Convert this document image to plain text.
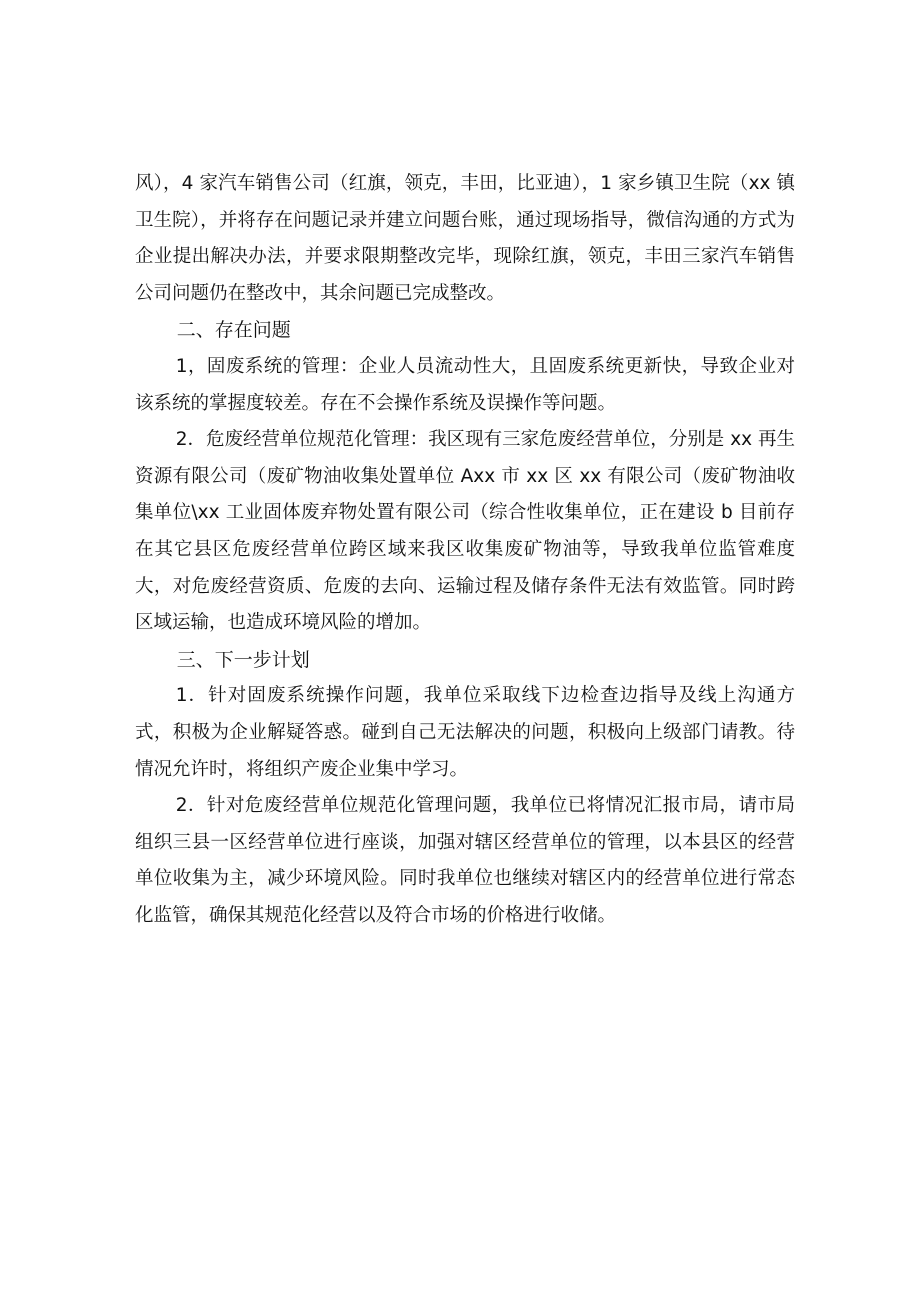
风），4 家汽车销售公司（红旗，领克，丰田，比亚迪），1 家乡镇卫生院（xx 镇卫生院），并将存在问题记录并建立问题台账，通过现场指导，微信沟通的方式为企业提出解决办法，并要求限期整改完毕，现除红旗，领克，丰田三家汽车销售公司问题仍在整改中，其余问题已完成整改。

二、存在问题

1，固废系统的管理：企业人员流动性大，且固废系统更新快，导致企业对该系统的掌握度较差。存在不会操作系统及误操作等问题。

2．危废经营单位规范化管理：我区现有三家危废经营单位，分别是 xx 再生资源有限公司（废矿物油收集处置单位 Axx 市 xx 区 xx 有限公司（废矿物油收集单位\xx 工业固体废弃物处置有限公司（综合性收集单位，正在建设 b 目前存在其它县区危废经营单位跨区域来我区收集废矿物油等，导致我单位监管难度大，对危废经营资质、危废的去向、运输过程及储存条件无法有效监管。同时跨区域运输，也造成环境风险的增加。

三、下一步计划

1．针对固废系统操作问题，我单位采取线下边检查边指导及线上沟通方式，积极为企业解疑答惑。碰到自己无法解决的问题，积极向上级部门请教。待情况允许时，将组织产废企业集中学习。

2．针对危废经营单位规范化管理问题，我单位已将情况汇报市局，请市局组织三县一区经营单位进行座谈，加强对辖区经营单位的管理，以本县区的经营单位收集为主，减少环境风险。同时我单位也继续对辖区内的经营单位进行常态化监管，确保其规范化经营以及符合市场的价格进行收储。
